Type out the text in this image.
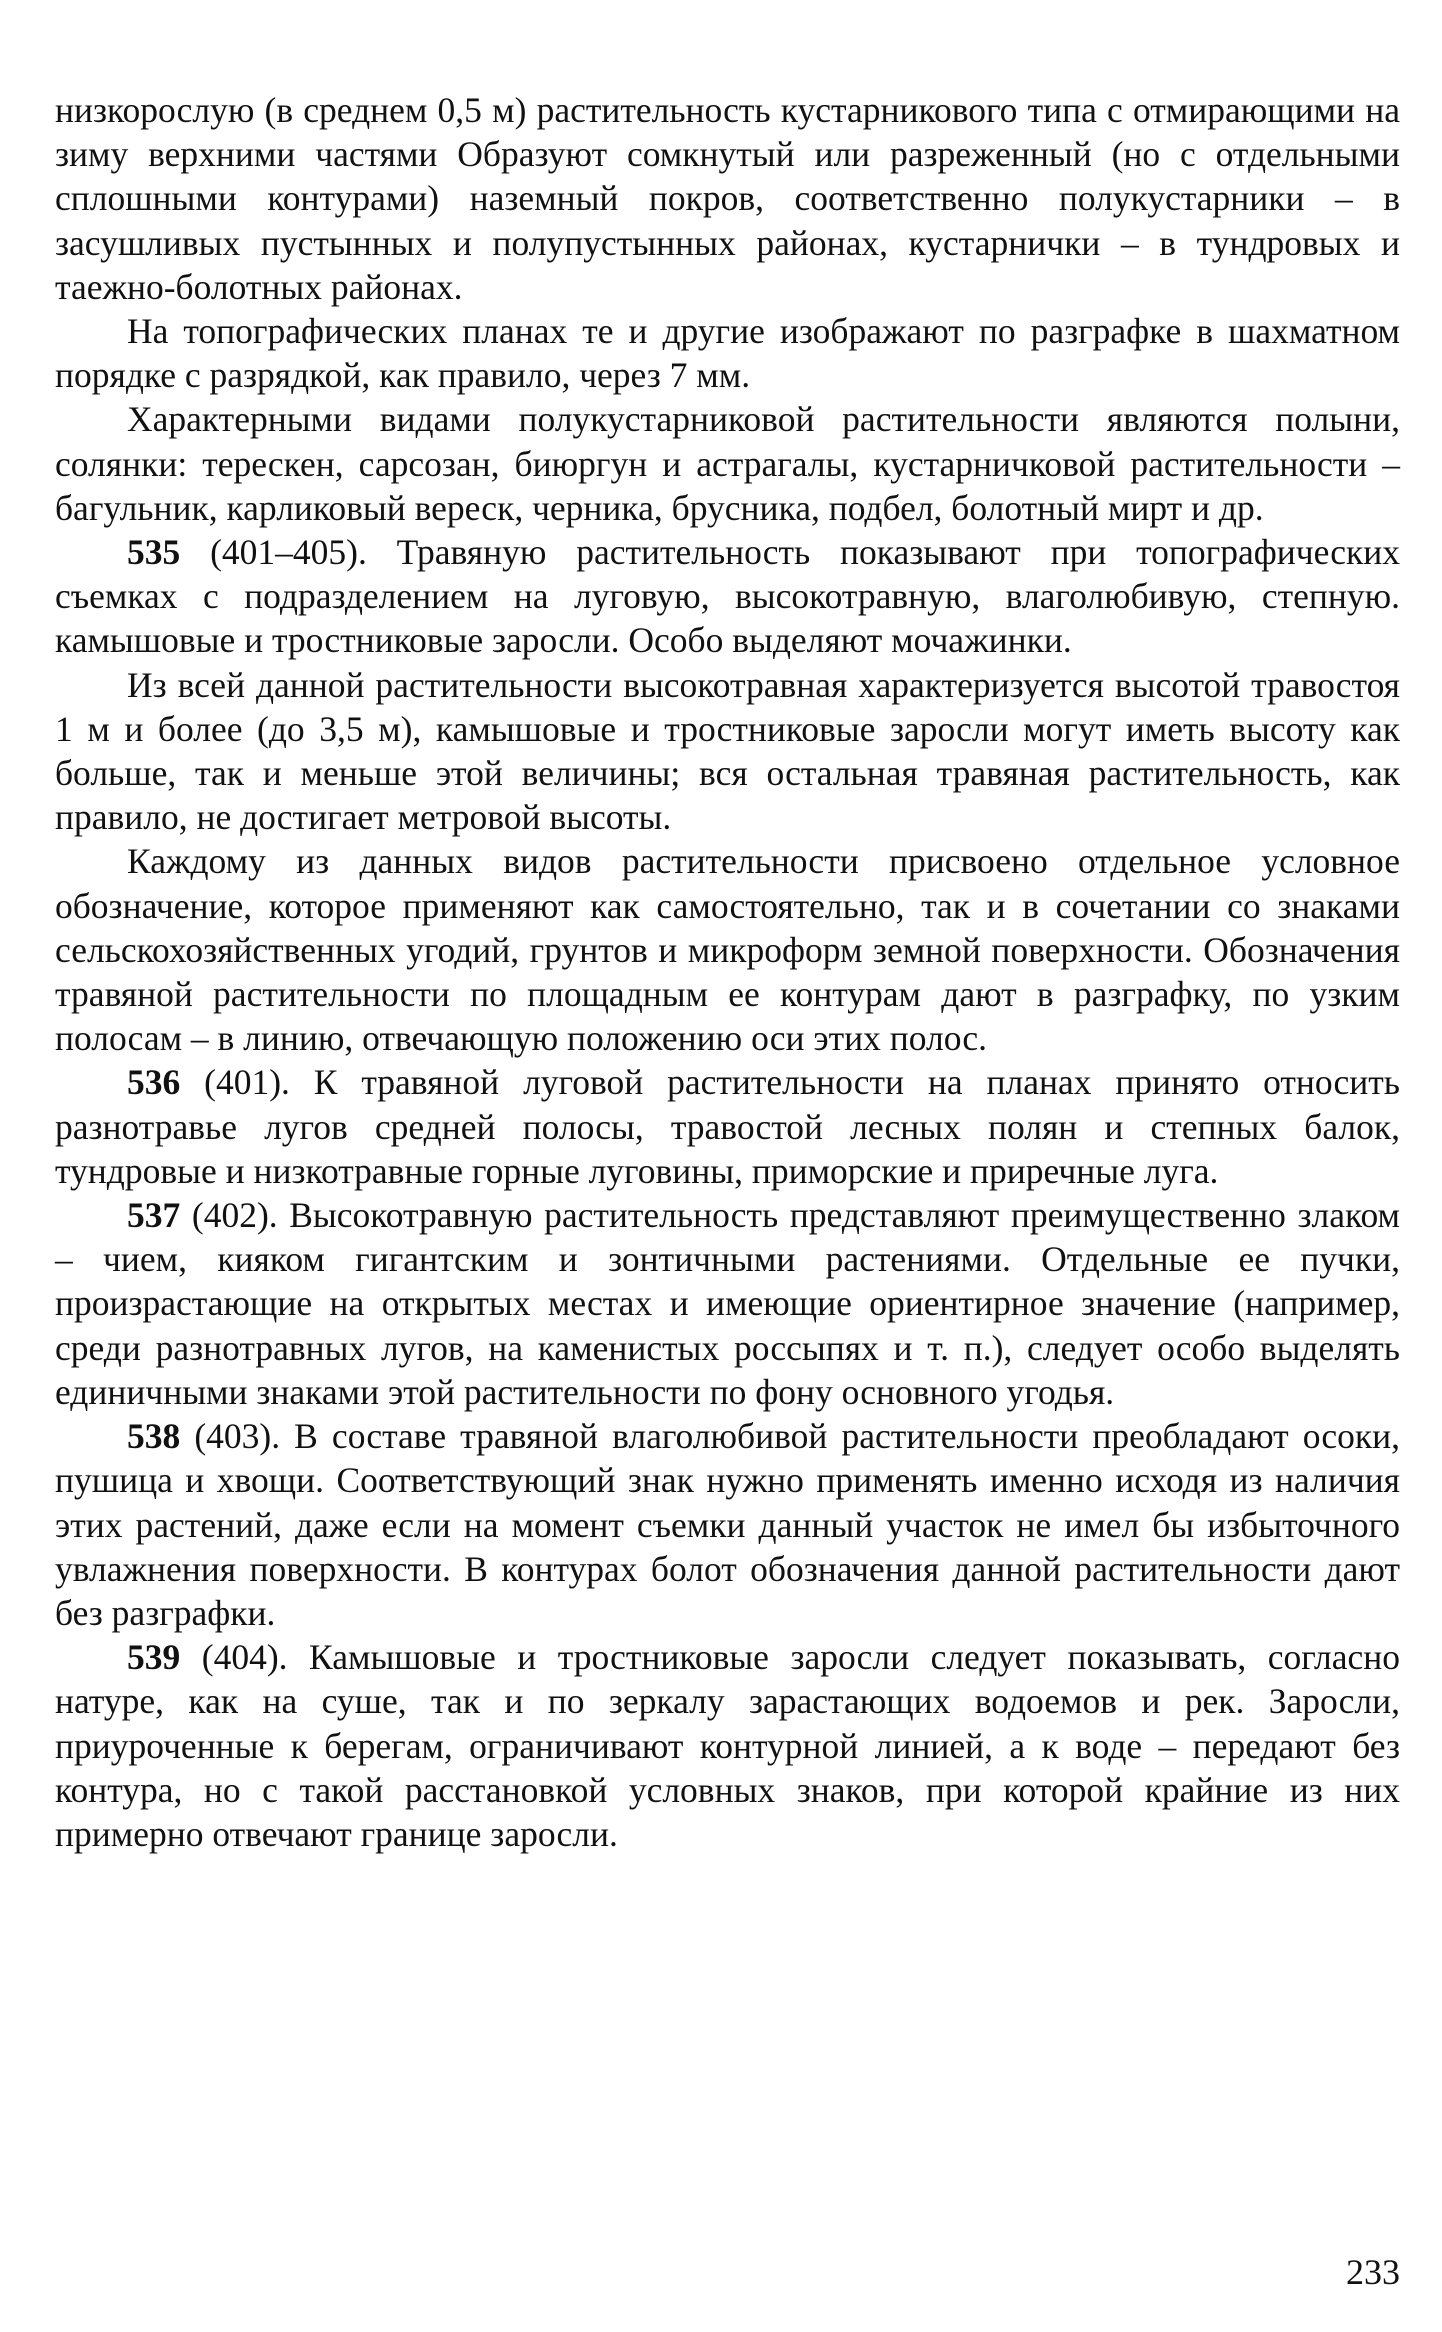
низкорослую (в среднем 0,5 м) растительность кустарникового типа с отмирающими на зиму верхними частями Образуют сомкнутый или разреженный (но с отдельными сплошными контурами) наземный покров, соответственно полукустарники – в засушливых пустынных и полупустынных районах, кустарнички – в тундровых и таежно-болотных районах.

На топографических планах те и другие изображают по разграфке в шахматном порядке с разрядкой, как правило, через 7 мм.

Характерными видами полукустарниковой растительности являются полыни, солянки: терескен, сарсозан, биюргун и астрагалы, кустарничковой растительности – багульник, карликовый вереск, черника, брусника, подбел, болотный мирт и др.

535 (401–405). Травяную растительность показывают при топографических съемках с подразделением на луговую, высокотравную, влаголюбивую, степную. камышовые и тростниковые заросли. Особо выделяют мочажинки.

Из всей данной растительности высокотравная характеризуется высотой травостоя 1 м и более (до 3,5 м), камышовые и тростниковые заросли могут иметь высоту как больше, так и меньше этой величины; вся остальная травяная растительность, как правило, не достигает метровой высоты.

Каждому из данных видов растительности присвоено отдельное условное обозначение, которое применяют как самостоятельно, так и в сочетании со знаками сельскохозяйственных угодий, грунтов и микроформ земной поверхности. Обозначения травяной растительности по площадным ее контурам дают в разграфку, по узким полосам – в линию, отвечающую положению оси этих полос.

536 (401). К травяной луговой растительности на планах принято относить разнотравье лугов средней полосы, травостой лесных полян и степных балок, тундровые и низкотравные горные луговины, приморские и приречные луга.

537 (402). Высокотравную растительность представляют преимущественно злаком – чием, кияком гигантским и зонтичными растениями. Отдельные ее пучки, произрастающие на открытых местах и имеющие ориентирное значение (например, среди разнотравных лугов, на каменистых россыпях и т. п.), следует особо выделять единичными знаками этой растительности по фону основного угодья.

538 (403). В составе травяной влаголюбивой растительности преобладают осоки, пушица и хвощи. Соответствующий знак нужно применять именно исходя из наличия этих растений, даже если на момент съемки данный участок не имел бы избыточного увлажнения поверхности. В контурах болот обозначения данной растительности дают без разграфки.

539 (404). Камышовые и тростниковые заросли следует показывать, согласно натуре, как на суше, так и по зеркалу зарастающих водоемов и рек. Заросли, приуроченные к берегам, ограничивают контурной линией, а к воде – передают без контура, но с такой расстановкой условных знаков, при которой крайние из них примерно отвечают границе заросли.

233
